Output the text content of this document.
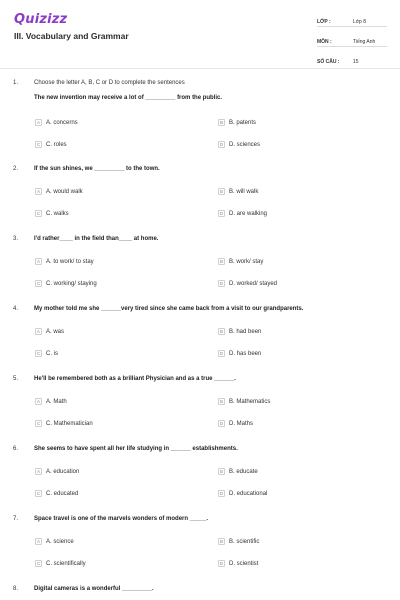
Quizizz
III. Vocabulary and Grammar
LỚP :	Lớp 8
MÔN :	Tiếng Anh
SỐ CÂU :	15
1.	Choose the letter A, B, C or D to complete the sentences
The new invention may receive a lot of _________ from the public.
A	A. concerns	B	B. patents
C C. roles	D D. sciences
2.	If the sun shines, we _________ to the town.
A	A. would walk	B	B. will walk
C C. walks	D D. are walking
3.	I'd rather____ in the field than____ at home.
A	A. to work/ to stay	B	B. work/ stay
C C. working/ staying	D D. worked/ stayed
4.	My mother told me she ______very tired since she came back from a visit to our grandparents.
A	A. was	B	B. had been
C C. is	D D. has been
5.	He'll be remembered both as a brilliant Physician and as a true ______.
A	A. Math	B	B. Mathematics
C C. Mathematician	D D. Maths
6.	She seems to have spent all her life studying in ______ establishments.
A	A. education	B	B. educate
C C. educated	D D. educational
7.	Space travel is one of the marvels wonders of modern _____.
A	A. science	B	B. scientific
C C. scientifically	D D. scientist
8.	Digital cameras is a wonderful _________.
